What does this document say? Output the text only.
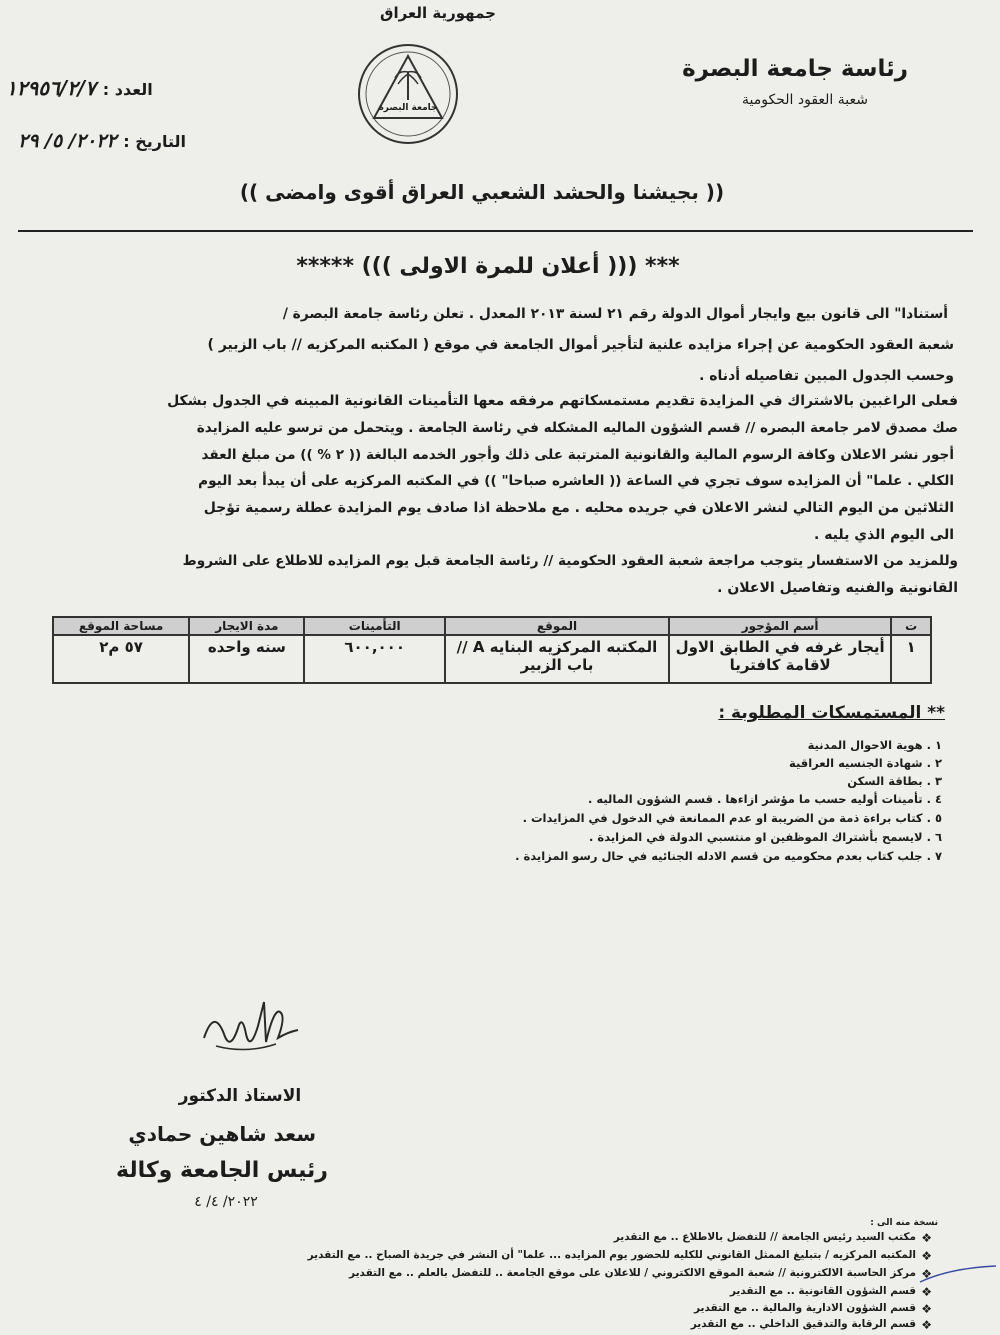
جمهورية العراق
رئاسة جامعة البصرة
شعبة العقود الحكومية
جامعة البصرة
العدد : ١٢٩٥٦/٢/٧
التاريخ : ٢٠٢٢/ ٥/ ٢٩
(( بجيشنا والحشد الشعبي العراق أقوى وامضى ))
*** ((( أعلان للمرة الاولى ))) *****
أستنادا" الى قانون بيع وايجار أموال الدولة رقم ٢١ لسنة ٢٠١٣ المعدل . تعلن رئاسة جامعة البصرة /
شعبة العقود الحكومية عن إجراء مزايده علنية لتأجير أموال الجامعة في موقع ( المكتبه المركزيه // باب الزبير )
وحسب الجدول المبين تفاصيله أدناه .
فعلى الراغبين بالاشتراك في المزايدة تقديم مستمسكاتهم مرفقه معها التأمينات القانونية المبينه في الجدول بشكل
صك مصدق لامر جامعة البصره // قسم الشؤون الماليه المشكله في رئاسة الجامعة . ويتحمل من ترسو عليه المزايدة
أجور نشر الاعلان وكافة الرسوم المالية والقانونية المترتبة على ذلك وأجور الخدمه البالغة (( ٢ % )) من مبلغ العقد
الكلي . علما" أن المزايده سوف تجري في الساعة (( العاشره صباحا" )) في المكتبه المركزيه على أن يبدأ بعد اليوم
الثلاثين من اليوم التالي لنشر الاعلان في جريده محليه . مع ملاحظة اذا صادف يوم المزايدة عطلة رسمية تؤجل
الى اليوم الذي يليه .
وللمزيد من الاستفسار يتوجب مراجعة شعبة العقود الحكومية // رئاسة الجامعة قبل يوم المزايده للاطلاع على الشروط
القانونية والفنيه وتفاصيل الاعلان .
ت	أسم المؤجور	الموقع	التأمينات	مدة الايجار	مساحة الموقع
١	أيجار غرفه في الطابق الاول لاقامة كافتريا	المكتبه المركزيه البنايه A // باب الزبير	٦٠٠,٠٠٠	سنه واحده	٥٧ م٢
** المستمسكات المطلوبة :
١ . هوية الاحوال المدنية
٢ . شهادة الجنسيه العراقية
٣ . بطاقة السكن
٤ . تأمينات أوليه حسب ما مؤشر ازاءها . قسم الشؤون الماليه .
٥ . كتاب براءة ذمة من الضريبة او عدم الممانعة في الدخول في المزايدات .
٦ . لايسمح بأشتراك الموظفين او منتسبي الدولة في المزايدة .
٧ . جلب كتاب بعدم محكوميه من قسم الادله الجنائيه في حال رسو المزايدة .
الاستاذ الدكتور
سعد شاهين حمادي
رئيس الجامعة وكالة
٢٠٢٢/ ٤/ ٤
نسخة منه الى :
❖
مكتب السيد رئيس الجامعة // للتفضل بالاطلاع .. مع التقدير
❖
المكتبه المركزيه / بتبليغ الممثل القانوني للكليه للحضور يوم المزايده ... علما" أن النشر في جريدة الصباح .. مع التقدير
❖
مركز الحاسبة الالكترونية // شعبة الموقع الالكتروني / للاعلان على موقع الجامعة .. للتفضل بالعلم .. مع التقدير
❖
قسم الشؤون القانونية .. مع التقدير
❖
قسم الشؤون الادارية والمالية .. مع التقدير
❖
قسم الرقابة والتدقيق الداخلي .. مع التقدير
